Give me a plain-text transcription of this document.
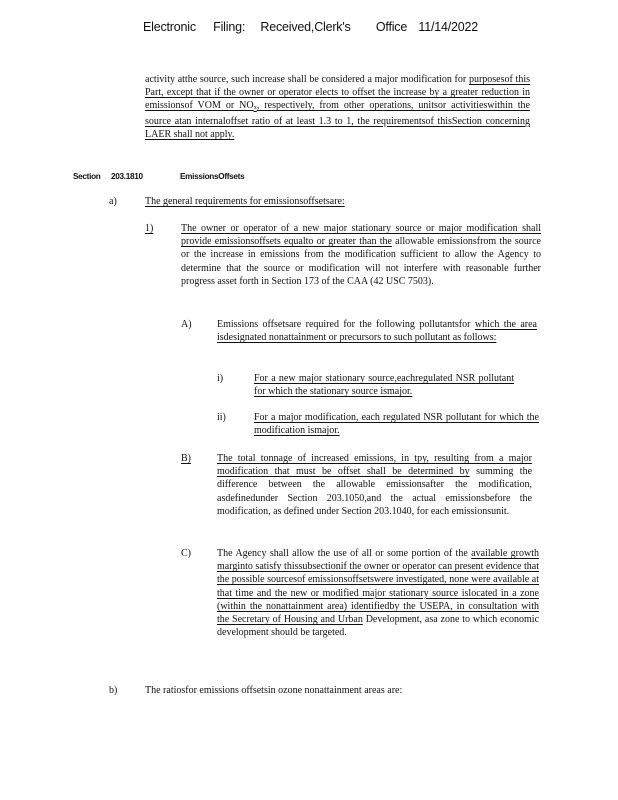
Electronic Filing: Received,Clerk's Office 11/14/2022

activity atthe source, such increase shall be considered a major modification for purposesof this Part, except that if the owner or operator elects to offset the increase by a greater reduction in emissionsof VOM or $NO_x$, respectively, from other operations, unitsor activitieswithin the source atan internaloffset ratio of at least 1.3 to 1, the requirementsof thisSection concerning LAER shall not apply.

Section 203.1810	EmissionsOffsets
a)	The general requirements for emissionsoffsetsare:

1)	The owner or operator of a new major stationary source or major modification shall provide emissionsoffsets equalto or greater than the allowable emissionsfrom the source or the increase in emissions from the modification sufficient to allow the Agency to determine that the source or modification will not interfere with reasonable further progress asset forth in Section 173 of the CAA (42 USC 7503).

A)	Emissions offsetsare required for the following pollutantsfor which the area isdesignated nonattainment or precursors to such pollutant as follows:

i)	For a new major stationary source,eachregulated NSR pollutant for which the stationary source ismajor.

ii)	For a major modification, each regulated NSR pollutant for which the modification ismajor.

B)	The total tonnage of increased emissions, in tpy, resulting from a major modification that must be offset shall be determined by summing the difference between the allowable emissionsafter the modification, asdefinedunder Section 203.1050,and the actual emissionsbefore the modification, as defined under Section 203.1040, for each emissionsunit.

C)	The Agency shall allow the use of all or some portion of the available growth marginto satisfy thissubsectionif the owner or operator can present evidence that the possible sourcesof emissionsoffsetswere investigated, none were available at that time and the new or modified major stationary source islocated in a zone (within the nonattainment area) identifiedby the USEPA, in consultation with the Secretary of Housing and Urban Development, asa zone to which economic development should be targeted.

b)	The ratiosfor emissions offsetsin ozone nonattainment areas are:
